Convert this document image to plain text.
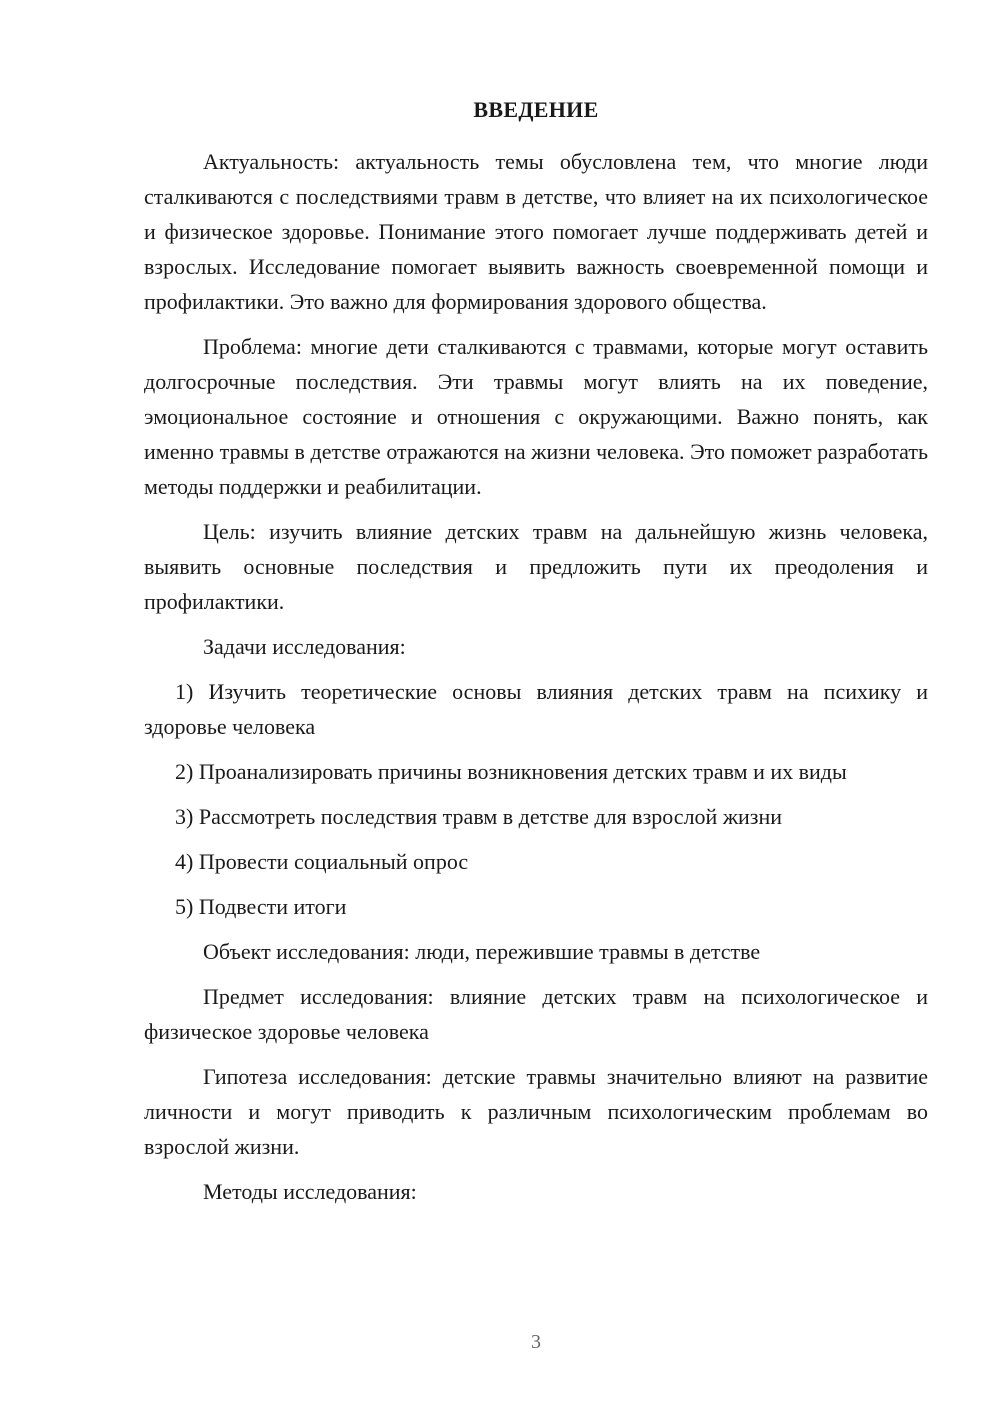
ВВЕДЕНИЕ

Актуальность: актуальность темы обусловлена тем, что многие люди сталкиваются с последствиями травм в детстве, что влияет на их психологическое и физическое здоровье. Понимание этого помогает лучше поддерживать детей и взрослых. Исследование помогает выявить важность своевременной помощи и профилактики. Это важно для формирования здорового общества.

Проблема: многие дети сталкиваются с травмами, которые могут оставить долгосрочные последствия. Эти травмы могут влиять на их поведение, эмоциональное состояние и отношения с окружающими. Важно понять, как именно травмы в детстве отражаются на жизни человека. Это поможет разработать методы поддержки и реабилитации.

Цель: изучить влияние детских травм на дальнейшую жизнь человека, выявить основные последствия и предложить пути их преодоления и профилактики.

Задачи исследования:

1) Изучить теоретические основы влияния детских травм на психику и здоровье человека

2) Проанализировать причины возникновения детских травм и их виды

3) Рассмотреть последствия травм в детстве для взрослой жизни

4) Провести социальный опрос

5) Подвести итоги

Объект исследования: люди, пережившие травмы в детстве

Предмет исследования: влияние детских травм на психологическое и физическое здоровье человека

Гипотеза исследования: детские травмы значительно влияют на развитие личности и могут приводить к различным психологическим проблемам во взрослой жизни.

Методы исследования:

3
